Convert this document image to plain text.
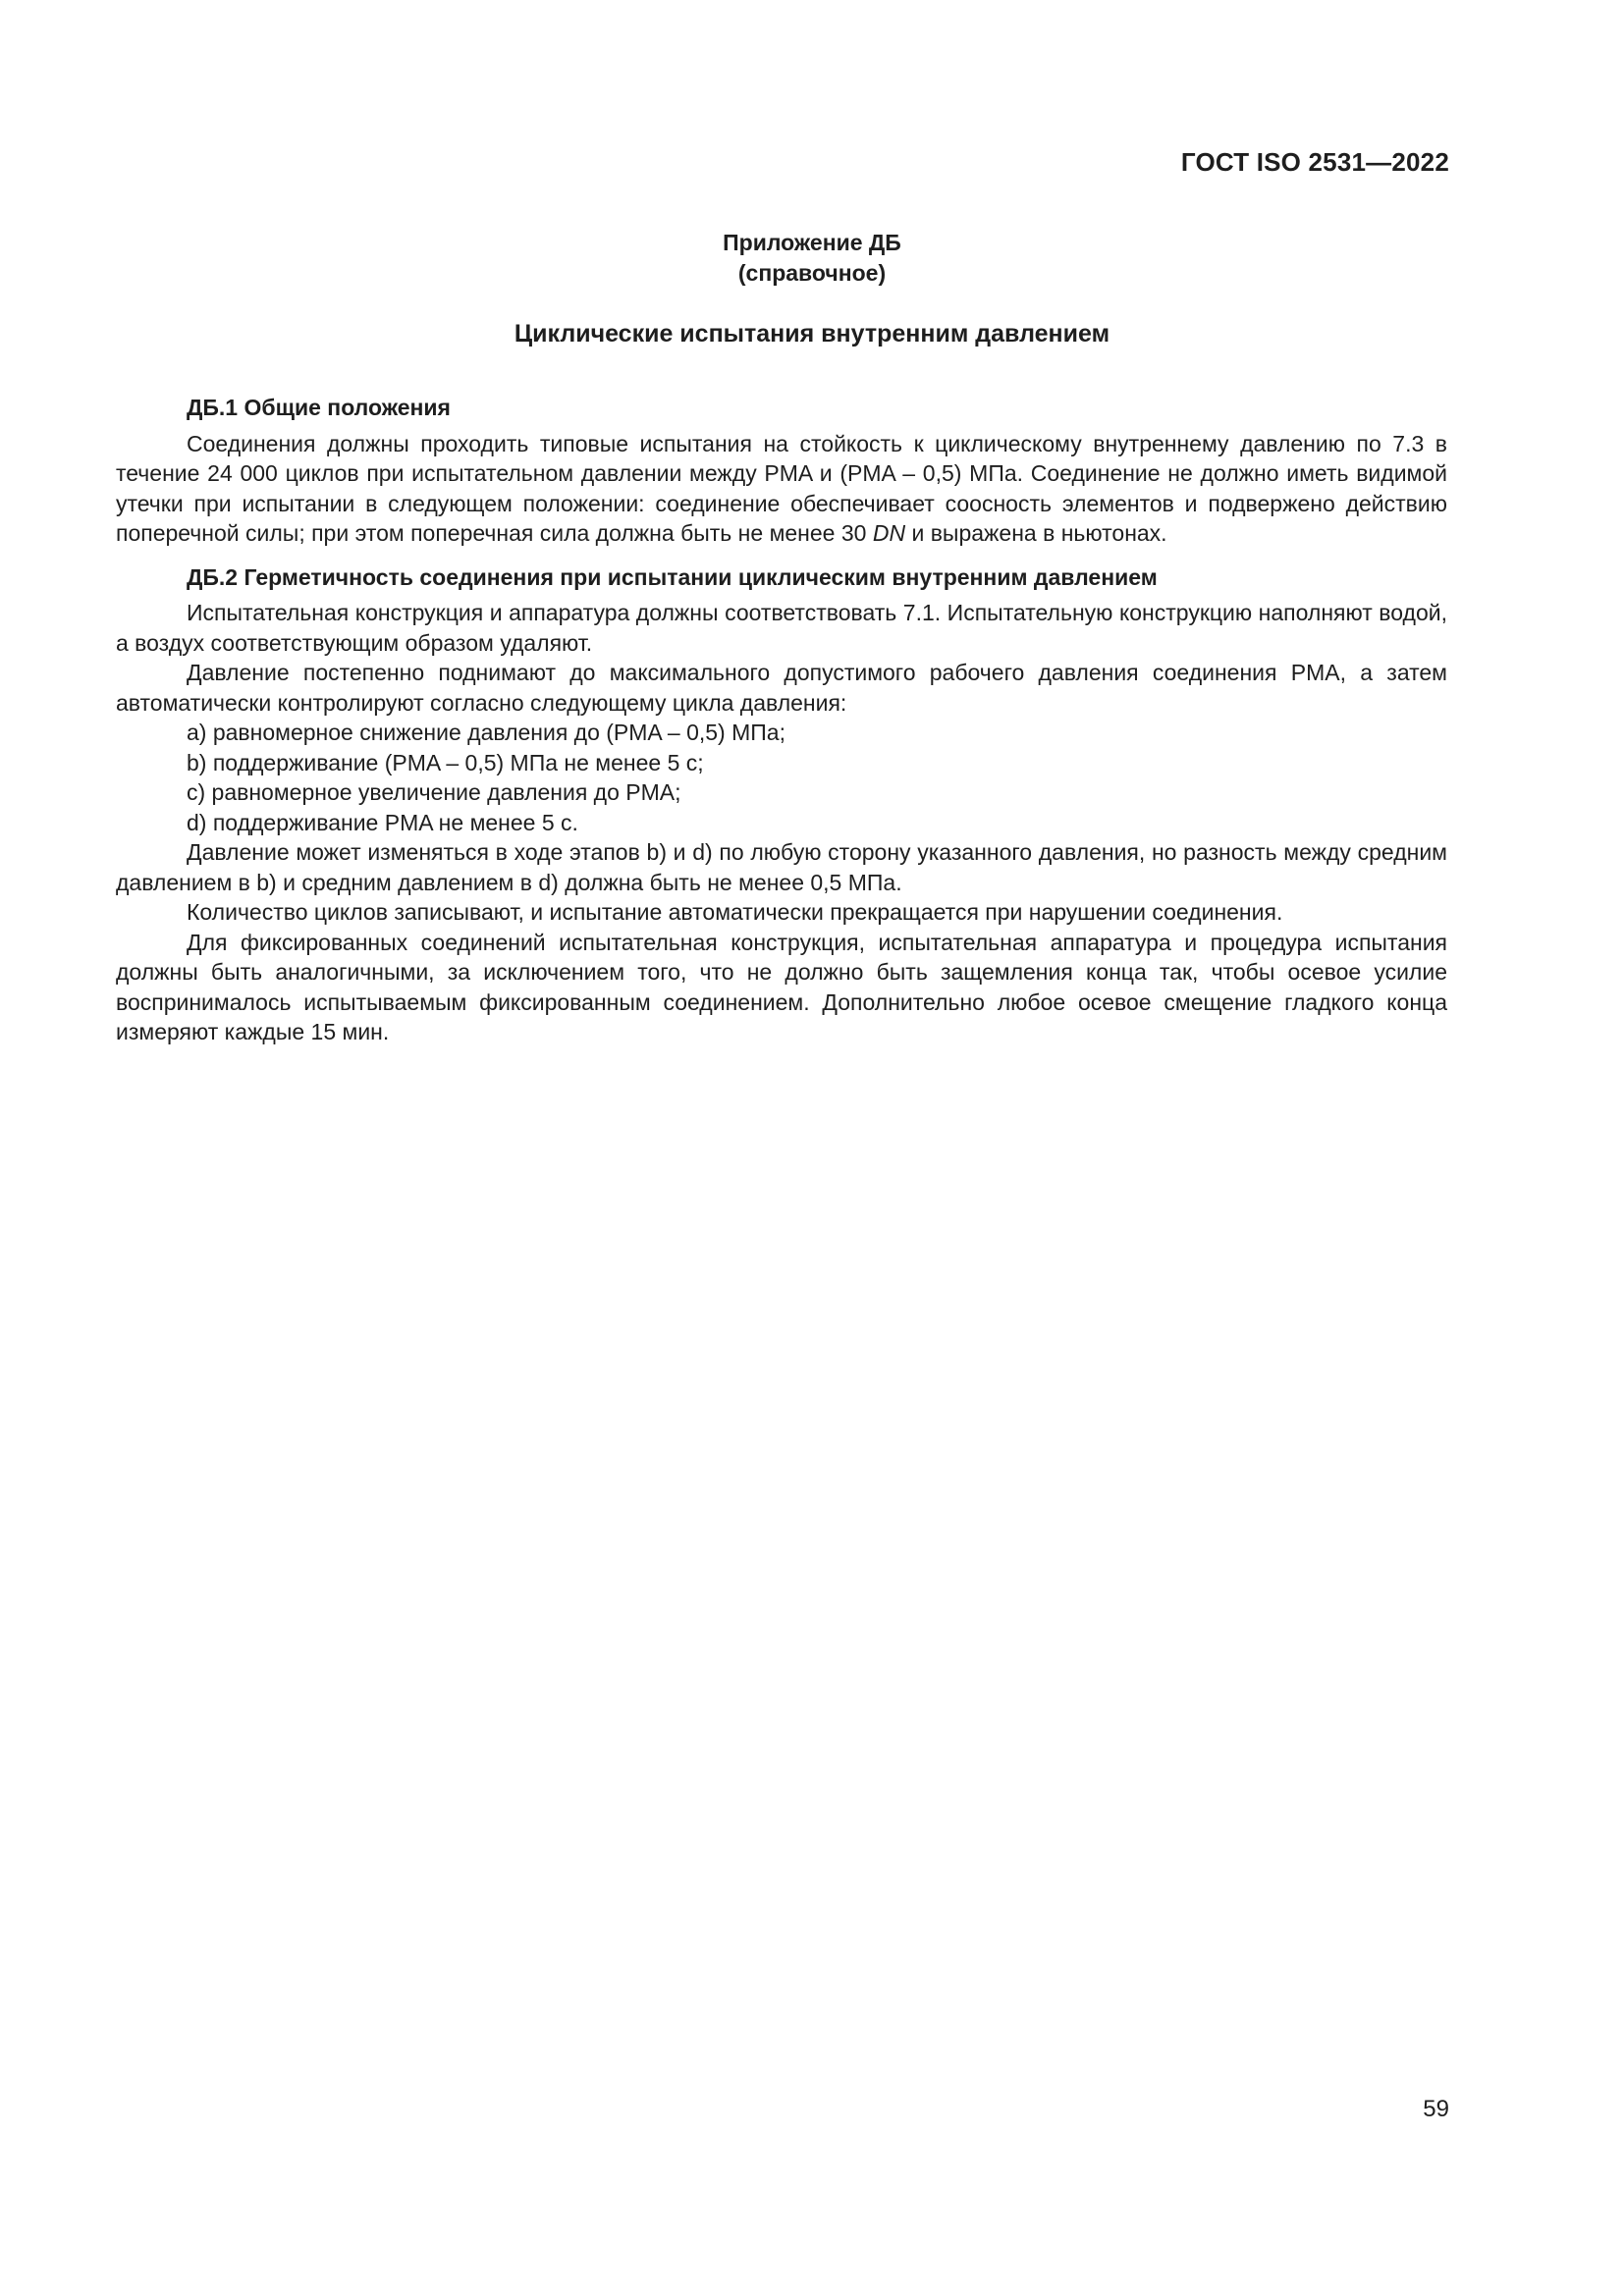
ГОСТ ISO 2531—2022
Приложение ДБ
(справочное)
Циклические испытания внутренним давлением
ДБ.1 Общие положения

Соединения должны проходить типовые испытания на стойкость к циклическому внутреннему давлению по 7.3 в течение 24 000 циклов при испытательном давлении между PMA и (PMA – 0,5) МПа. Соединение не должно иметь видимой утечки при испытании в следующем положении: соединение обеспечивает соосность элементов и подвержено действию поперечной силы; при этом поперечная сила должна быть не менее 30 DN и выражена в ньютонах.

ДБ.2 Герметичность соединения при испытании циклическим внутренним давлением

Испытательная конструкция и аппаратура должны соответствовать 7.1. Испытательную конструкцию наполняют водой, а воздух соответствующим образом удаляют.

Давление постепенно поднимают до максимального допустимого рабочего давления соединения PMA, а затем автоматически контролируют согласно следующему цикла давления:

a) равномерное снижение давления до (PMA – 0,5) МПа;

b) поддерживание (PMA – 0,5) МПа не менее 5 с;

c) равномерное увеличение давления до PMA;

d) поддерживание PMA не менее 5 с.

Давление может изменяться в ходе этапов b) и d) по любую сторону указанного давления, но разность между средним давлением в b) и средним давлением в d) должна быть не менее 0,5 МПа.

Количество циклов записывают, и испытание автоматически прекращается при нарушении соединения.

Для фиксированных соединений испытательная конструкция, испытательная аппаратура и процедура испытания должны быть аналогичными, за исключением того, что не должно быть защемления конца так, чтобы осевое усилие воспринималось испытываемым фиксированным соединением. Дополнительно любое осевое смещение гладкого конца измеряют каждые 15 мин.

59
